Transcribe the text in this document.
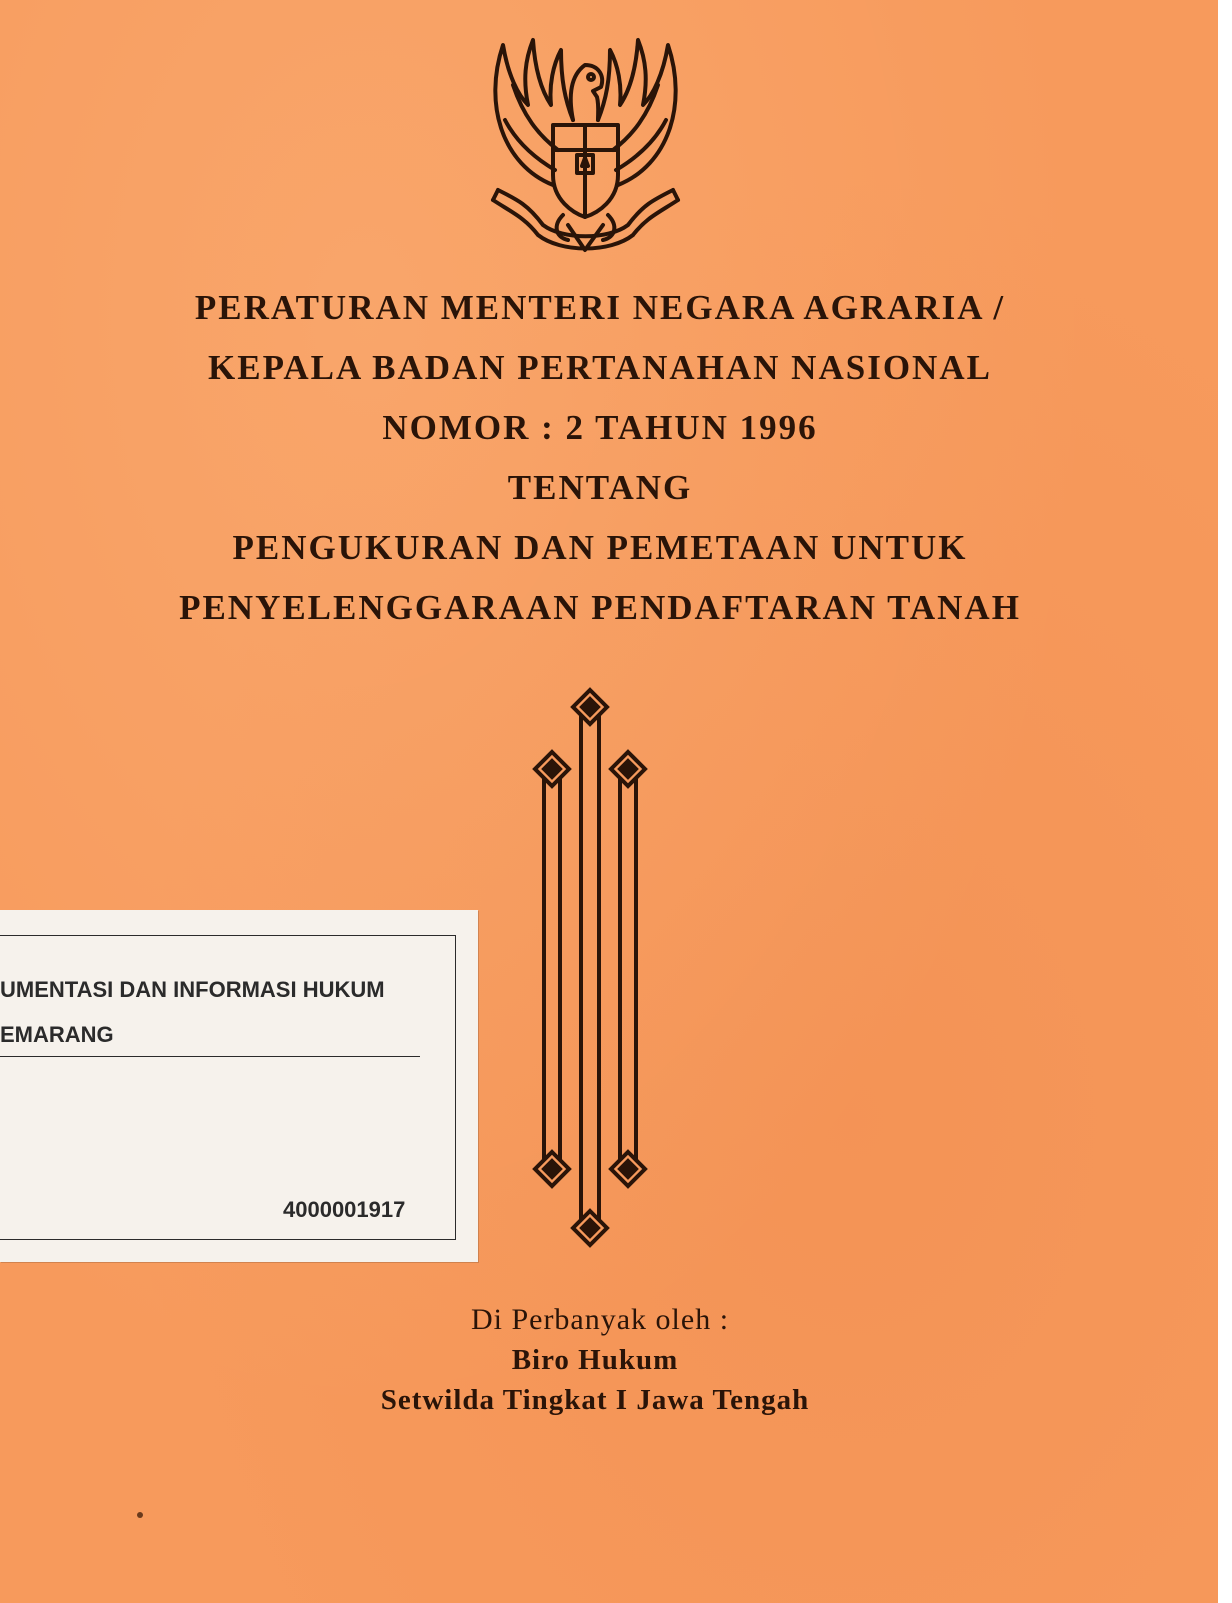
PERATURAN MENTERI NEGARA AGRARIA /
KEPALA BADAN PERTANAHAN NASIONAL
NOMOR : 2 TAHUN 1996
TENTANG
PENGUKURAN DAN PEMETAAN UNTUK
PENYELENGGARAAN PENDAFTARAN TANAH
UMENTASI DAN INFORMASI HUKUM
EMARANG
4000001917
Di Perbanyak oleh :
Biro Hukum
Setwilda Tingkat I Jawa Tengah
